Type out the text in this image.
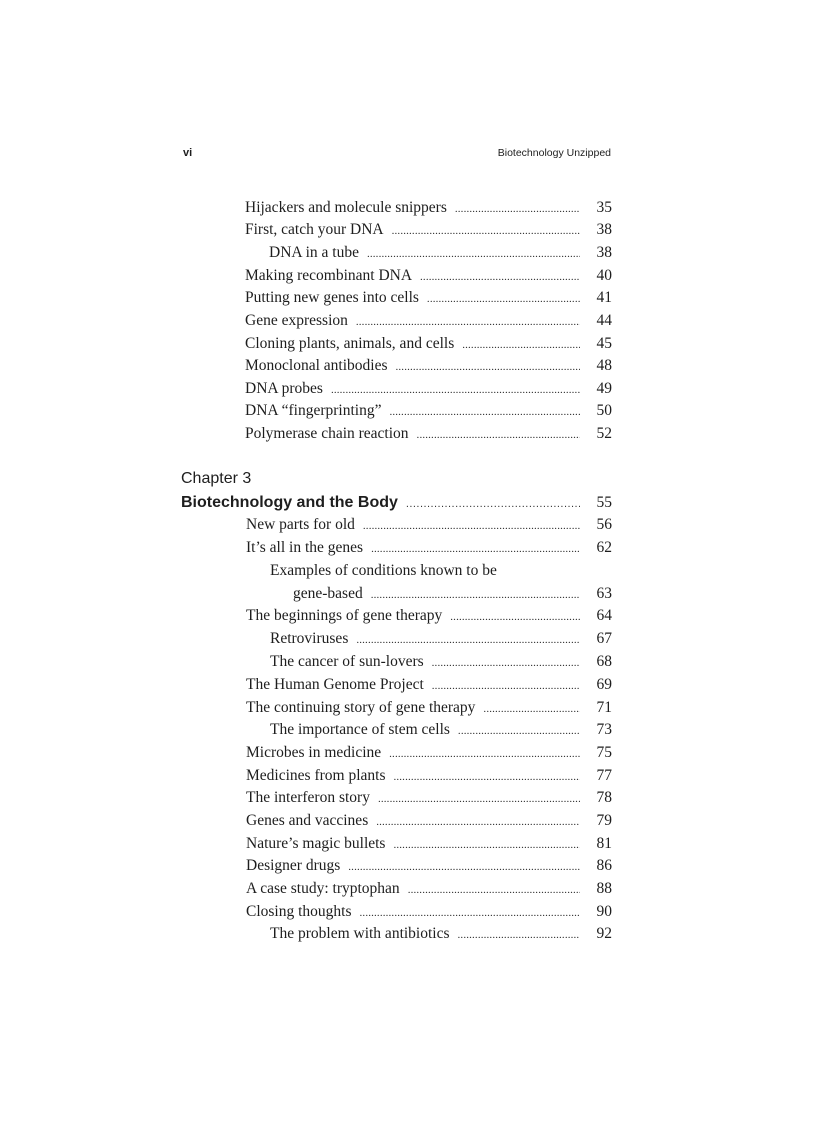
vi	Biotechnology Unzipped
Hijackers and molecule snippers . . .	35
First, catch your DNA . . .	38
DNA in a tube . . .	38
Making recombinant DNA . . .	40
Putting new genes into cells . . .	41
Gene expression . . .	44
Cloning plants, animals, and cells . . .	45
Monoclonal antibodies . . .	48
DNA probes . . .	49
DNA “fingerprinting” . . .	50
Polymerase chain reaction . . .	52
Chapter 3
Biotechnology and the Body . . .	55
New parts for old . . .	56
It’s all in the genes . . .	62
Examples of conditions known to be
gene-based . . .	63
The beginnings of gene therapy . . .	64
Retroviruses . . .	67
The cancer of sun-lovers . . .	68
The Human Genome Project . . .	69
The continuing story of gene therapy . . .	71
The importance of stem cells . . .	73
Microbes in medicine . . .	75
Medicines from plants . . .	77
The interferon story . . .	78
Genes and vaccines . . .	79
Nature’s magic bullets . . .	81
Designer drugs . . .	86
A case study: tryptophan . . .	88
Closing thoughts . . .	90
The problem with antibiotics . . .	92
